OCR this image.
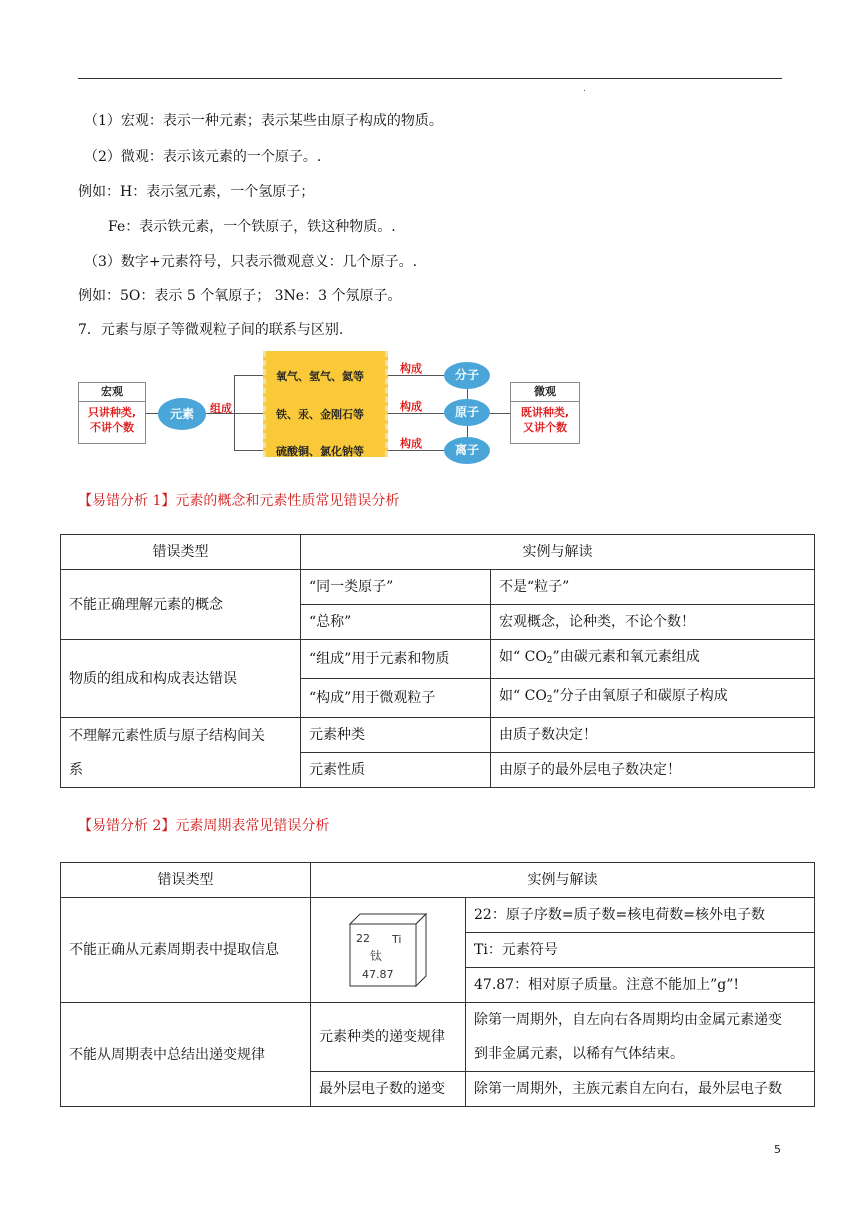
.
（1）宏观：表示一种元素；表示某些由原子构成的物质。
（2）微观：表示该元素的一个原子。.
例如：H：表示氢元素，一个氢原子；
Fe：表示铁元素，一个铁原子，铁这种物质。.
（3）数字+元素符号，只表示微观意义：几个原子。.
例如：5O：表示 5 个氧原子； 3Ne：3 个氖原子。
7．元素与原子等微观粒子间的联系与区别.
宏观
只讲种类,
不讲个数
元素	组成
氧气、氢气、氦等
铁、汞、金刚石等
硫酸铜、氯化钠等
构成
构成
构成
分子
原子
离子
微观
既讲种类,
又讲个数
【易错分析 1】元素的概念和元素性质常见错误分析
错误类型	实例与解读	
不能正确理解元素的概念	“同一类原子”	不是“粒子”
	“总称”	宏观概念，论种类，不论个数！
物质的组成和构成表达错误	“组成”用于元素和物质	如“ $CO_2$”由碳元素和氧元素组成
	“构成”用于微观粒子	如“ $CO_2$”分子由氧原子和碳原子构成

不理解元素性质与原子结构间关
系	元素种类	由质子数决定！
	元素性质	由原子的最外层电子数决定！
【易错分析 2】元素周期表常见错误分析
错误类型	实例与解读	
不能正确从元素周期表中提取信息	22 Ti
钛
47.87	22：原子序数=质子数=核电荷数=核外电子数
		Ti：元素符号
		47.87：相对原子质量。注意不能加上”g”!
不能从周期表中总结出递变规律	元素种类的递变规律	除第一周期外，自左向右各周期均由金属元素递变
到非金属元素，以稀有气体结束。

	最外层电子数的递变	除第一周期外，主族元素自左向右，最外层电子数
5
